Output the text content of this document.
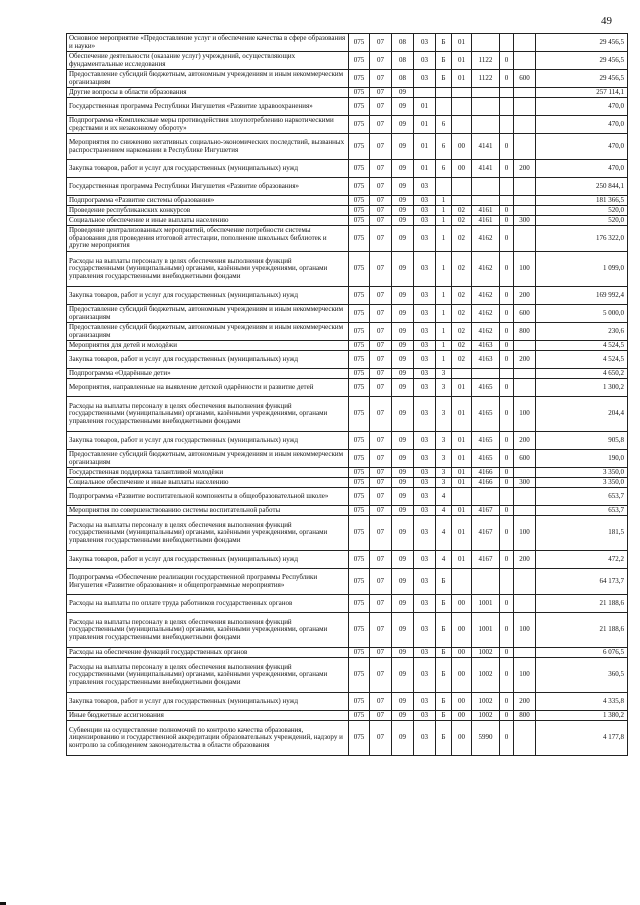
49
Основное мероприятие «Предоставление услуг и обеспечение качества в сфере образования и науки»	075	07	08	03	Б	01				29 456,5
Обеспечение деятельности (оказание услуг) учреждений, осуществляющих фундаментальные исследования	075	07	08	03	Б	01	1122	0		29 456,5
Предоставление субсидий бюджетным, автономным учреждениям и иным некоммерческим организациям	075	07	08	03	Б	01	1122	0	600	29 456,5
Другие вопросы в области образования	075	07	09							257 114,1
Государственная программа Республики Ингушетия «Развитие здравоохранения»	075	07	09	01						470,0
Подпрограмма «Комплексные меры противодействия злоупотреблению наркотическими средствами и их незаконному обороту»	075	07	09	01	6					470,0
Мероприятия по снижению негативных социально-экономических последствий, вызванных распространением наркомании в Республике Ингушетия	075	07	09	01	6	00	4141	0		470,0
Закупка товаров, работ и услуг для государственных (муниципальных) нужд	075	07	09	01	6	00	4141	0	200	470,0
Государственная программа Республики Ингушетия «Развитие образования»	075	07	09	03						250 844,1
Подпрограмма «Развитие системы образования»	075	07	09	03	1					181 366,5
Проведение республиканских конкурсов	075	07	09	03	1	02	4161	0		520,0
Социальное обеспечение и иные выплаты населению	075	07	09	03	1	02	4161	0	300	520,0
Проведение централизованных мероприятий, обеспечение потребности системы образования для проведения итоговой аттестации, пополнение школьных библиотек и другие мероприятия	075	07	09	03	1	02	4162	0		176 322,0
Расходы на выплаты персоналу в целях обеспечения выполнения функций государственными (муниципальными) органами, казёнными учреждениями, органами управления государственными внебюджетными фондами	075	07	09	03	1	02	4162	0	100	1 099,0
Закупка товаров, работ и услуг для государственных (муниципальных) нужд	075	07	09	03	1	02	4162	0	200	169 992,4
Предоставление субсидий бюджетным, автономным учреждениям и иным некоммерческим организациям	075	07	09	03	1	02	4162	0	600	5 000,0
Предоставление субсидий бюджетным, автономным учреждениям и иным некоммерческим организациям	075	07	09	03	1	02	4162	0	800	230,6
Мероприятия для детей и молодёжи	075	07	09	03	1	02	4163	0		4 524,5
Закупка товаров, работ и услуг для государственных (муниципальных) нужд	075	07	09	03	1	02	4163	0	200	4 524,5
Подпрограмма «Одарённые дети»	075	07	09	03	3					4 650,2
Мероприятия, направленные на выявление детской одарённости и развитие детей	075	07	09	03	3	01	4165	0		1 300,2
Расходы на выплаты персоналу в целях обеспечения выполнения функций государственными (муниципальными) органами, казёнными учреждениями, органами управления государственными внебюджетными фондами	075	07	09	03	3	01	4165	0	100	204,4
Закупка товаров, работ и услуг для государственных (муниципальных) нужд	075	07	09	03	3	01	4165	0	200	905,8
Предоставление субсидий бюджетным, автономным учреждениям и иным некоммерческим организациям	075	07	09	03	3	01	4165	0	600	190,0
Государственная поддержка талантливой молодёжи	075	07	09	03	3	01	4166	0		3 350,0
Социальное обеспечение и иные выплаты населению	075	07	09	03	3	01	4166	0	300	3 350,0
Подпрограмма «Развитие воспитательной компоненты в общеобразовательной школе»	075	07	09	03	4					653,7
Мероприятия по совершенствованию системы воспитательной работы	075	07	09	03	4	01	4167	0		653,7
Расходы на выплаты персоналу в целях обеспечения выполнения функций государственными (муниципальными) органами, казёнными учреждениями, органами управления государственными внебюджетными фондами	075	07	09	03	4	01	4167	0	100	181,5
Закупка товаров, работ и услуг для государственных (муниципальных) нужд	075	07	09	03	4	01	4167	0	200	472,2
Подпрограмма «Обеспечение реализации государственной программы Республики Ингушетия «Развитие образования» и общепрограммные мероприятия»	075	07	09	03	Б					64 173,7
Расходы на выплаты по оплате труда работников государственных органов	075	07	09	03	Б	00	1001	0		21 188,6
Расходы на выплаты персоналу в целях обеспечения выполнения функций государственными (муниципальными) органами, казёнными учреждениями, органами управления государственными внебюджетными фондами	075	07	09	03	Б	00	1001	0	100	21 188,6
Расходы на обеспечение функций государственных органов	075	07	09	03	Б	00	1002	0		6 076,5
Расходы на выплаты персоналу в целях обеспечения выполнения функций государственными (муниципальными) органами, казёнными учреждениями, органами управления государственными внебюджетными фондами	075	07	09	03	Б	00	1002	0	100	360,5
Закупка товаров, работ и услуг для государственных (муниципальных) нужд	075	07	09	03	Б	00	1002	0	200	4 335,8
Иные бюджетные ассигнования	075	07	09	03	Б	00	1002	0	800	1 380,2
Субвенции на осуществление полномочий по контролю качества образования, лицензированию и государственной аккредитации образовательных учреждений, надзору и контролю за соблюдением законодательства в области образования	075	07	09	03	Б	00	5990	0		4 177,8
